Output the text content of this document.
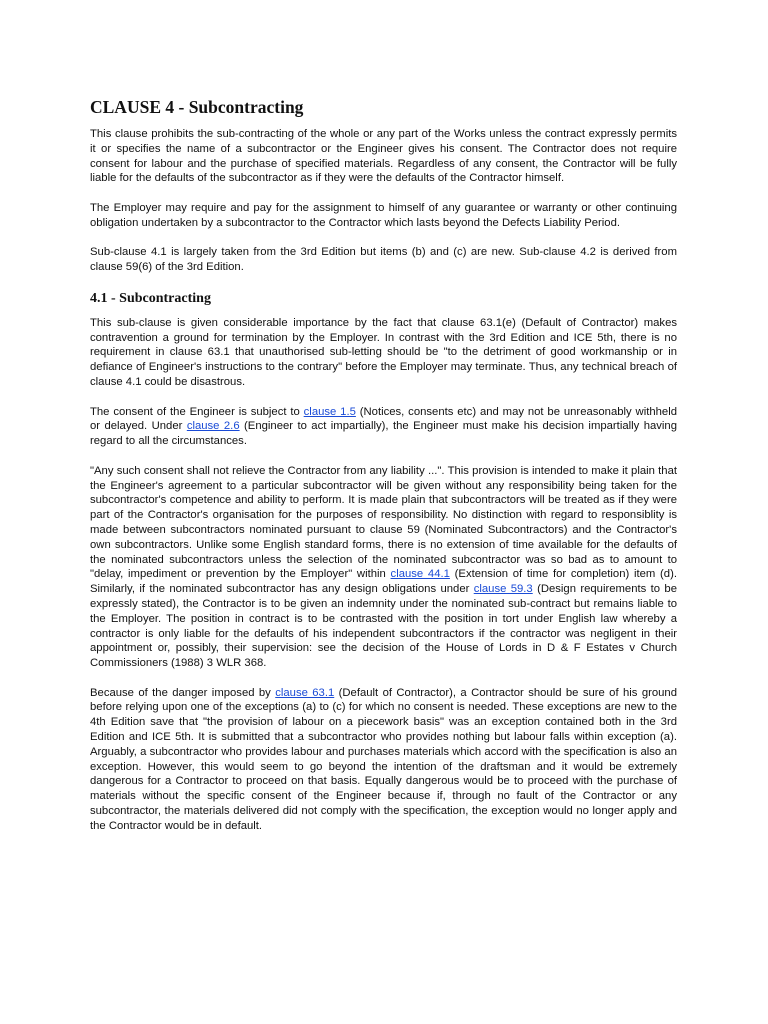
CLAUSE 4 - Subcontracting

This clause prohibits the sub-contracting of the whole or any part of the Works unless the contract expressly permits it or specifies the name of a subcontractor or the Engineer gives his consent. The Contractor does not require consent for labour and the purchase of specified materials. Regardless of any consent, the Contractor will be fully liable for the defaults of the subcontractor as if they were the defaults of the Contractor himself.

The Employer may require and pay for the assignment to himself of any guarantee or warranty or other continuing obligation undertaken by a subcontractor to the Contractor which lasts beyond the Defects Liability Period.

Sub-clause 4.1 is largely taken from the 3rd Edition but items (b) and (c) are new. Sub-clause 4.2 is derived from clause 59(6) of the 3rd Edition.

4.1 - Subcontracting

This sub-clause is given considerable importance by the fact that clause 63.1(e) (Default of Contractor) makes contravention a ground for termination by the Employer. In contrast with the 3rd Edition and ICE 5th, there is no requirement in clause 63.1 that unauthorised sub-letting should be "to the detriment of good workmanship or in defiance of Engineer's instructions to the contrary" before the Employer may terminate. Thus, any technical breach of clause 4.1 could be disastrous.

The consent of the Engineer is subject to clause 1.5 (Notices, consents etc) and may not be unreasonably withheld or delayed. Under clause 2.6 (Engineer to act impartially), the Engineer must make his decision impartially having regard to all the circumstances.

"Any such consent shall not relieve the Contractor from any liability ...". This provision is intended to make it plain that the Engineer's agreement to a particular subcontractor will be given without any responsibility being taken for the subcontractor's competence and ability to perform. It is made plain that subcontractors will be treated as if they were part of the Contractor's organisation for the purposes of responsibility. No distinction with regard to responsiblity is made between subcontractors nominated pursuant to clause 59 (Nominated Subcontractors) and the Contractor's own subcontractors. Unlike some English standard forms, there is no extension of time available for the defaults of the nominated subcontractors unless the selection of the nominated subcontractor was so bad as to amount to "delay, impediment or prevention by the Employer" within clause 44.1 (Extension of time for completion) item (d). Similarly, if the nominated subcontractor has any design obligations under clause 59.3 (Design requirements to be expressly stated), the Contractor is to be given an indemnity under the nominated sub-contract but remains liable to the Employer. The position in contract is to be contrasted with the position in tort under English law whereby a contractor is only liable for the defaults of his independent subcontractors if the contractor was negligent in their appointment or, possibly, their supervision: see the decision of the House of Lords in D & F Estates v Church Commissioners (1988) 3 WLR 368.

Because of the danger imposed by clause 63.1 (Default of Contractor), a Contractor should be sure of his ground before relying upon one of the exceptions (a) to (c) for which no consent is needed. These exceptions are new to the 4th Edition save that "the provision of labour on a piecework basis" was an exception contained both in the 3rd Edition and ICE 5th. It is submitted that a subcontractor who provides nothing but labour falls within exception (a). Arguably, a subcontractor who provides labour and purchases materials which accord with the specification is also an exception. However, this would seem to go beyond the intention of the draftsman and it would be extremely dangerous for a Contractor to proceed on that basis. Equally dangerous would be to proceed with the purchase of materials without the specific consent of the Engineer because if, through no fault of the Contractor or any subcontractor, the materials delivered did not comply with the specification, the exception would no longer apply and the Contractor would be in default.
